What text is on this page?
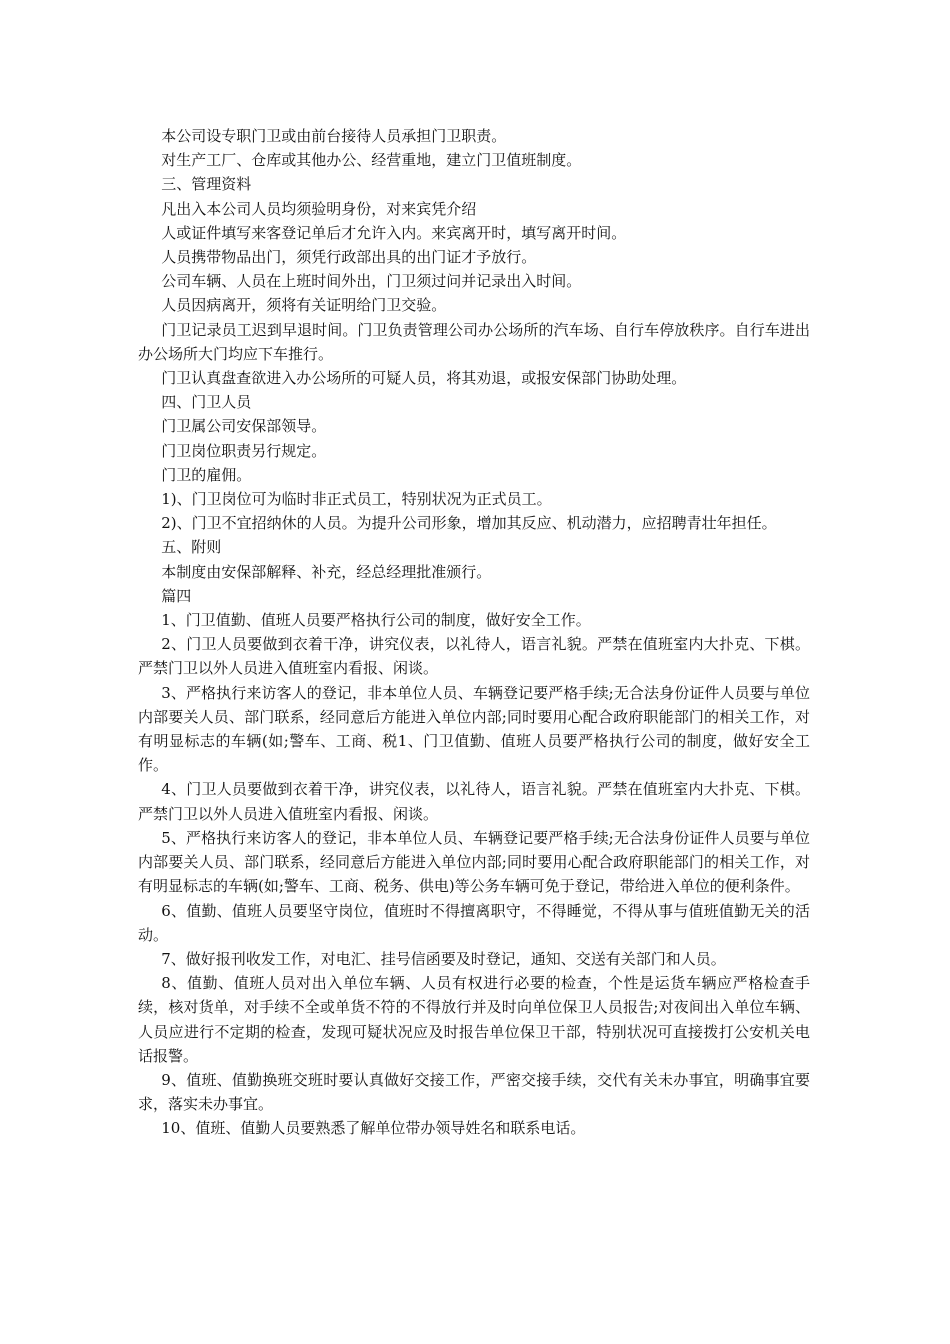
本公司设专职门卫或由前台接待人员承担门卫职责。

对生产工厂、仓库或其他办公、经营重地，建立门卫值班制度。

三、管理资料

凡出入本公司人员均须验明身份，对来宾凭介绍

人或证件填写来客登记单后才允许入内。来宾离开时，填写离开时间。

人员携带物品出门，须凭行政部出具的出门证才予放行。

公司车辆、人员在上班时间外出，门卫须过问并记录出入时间。

人员因病离开，须将有关证明给门卫交验。

门卫记录员工迟到早退时间。门卫负责管理公司办公场所的汽车场、自行车停放秩序。自行车进出办公场所大门均应下车推行。

门卫认真盘查欲进入办公场所的可疑人员，将其劝退，或报安保部门协助处理。

四、门卫人员

门卫属公司安保部领导。

门卫岗位职责另行规定。

门卫的雇佣。

1)、门卫岗位可为临时非正式员工，特别状况为正式员工。

2)、门卫不宜招纳休的人员。为提升公司形象，增加其反应、机动潜力，应招聘青壮年担任。

五、附则

本制度由安保部解释、补充，经总经理批准颁行。

篇四

1、门卫值勤、值班人员要严格执行公司的制度，做好安全工作。

2、门卫人员要做到衣着干净，讲究仪表，以礼待人，语言礼貌。严禁在值班室内大扑克、下棋。严禁门卫以外人员进入值班室内看报、闲谈。

3、严格执行来访客人的登记，非本单位人员、车辆登记要严格手续;无合法身份证件人员要与单位内部要关人员、部门联系，经同意后方能进入单位内部;同时要用心配合政府职能部门的相关工作，对有明显标志的车辆(如;警车、工商、税1、门卫值勤、值班人员要严格执行公司的制度，做好安全工作。

4、门卫人员要做到衣着干净，讲究仪表，以礼待人，语言礼貌。严禁在值班室内大扑克、下棋。严禁门卫以外人员进入值班室内看报、闲谈。

5、严格执行来访客人的登记，非本单位人员、车辆登记要严格手续;无合法身份证件人员要与单位内部要关人员、部门联系，经同意后方能进入单位内部;同时要用心配合政府职能部门的相关工作，对有明显标志的车辆(如;警车、工商、税务、供电)等公务车辆可免于登记，带给进入单位的便利条件。

6、值勤、值班人员要坚守岗位，值班时不得擅离职守，不得睡觉，不得从事与值班值勤无关的活动。

7、做好报刊收发工作，对电汇、挂号信函要及时登记，通知、交送有关部门和人员。

8、值勤、值班人员对出入单位车辆、人员有权进行必要的检查，个性是运货车辆应严格检查手续，核对货单，对手续不全或单货不符的不得放行并及时向单位保卫人员报告;对夜间出入单位车辆、人员应进行不定期的检查，发现可疑状况应及时报告单位保卫干部，特别状况可直接拨打公安机关电话报警。

9、值班、值勤换班交班时要认真做好交接工作，严密交接手续，交代有关未办事宜，明确事宜要求，落实未办事宜。

10、值班、值勤人员要熟悉了解单位带办领导姓名和联系电话。
